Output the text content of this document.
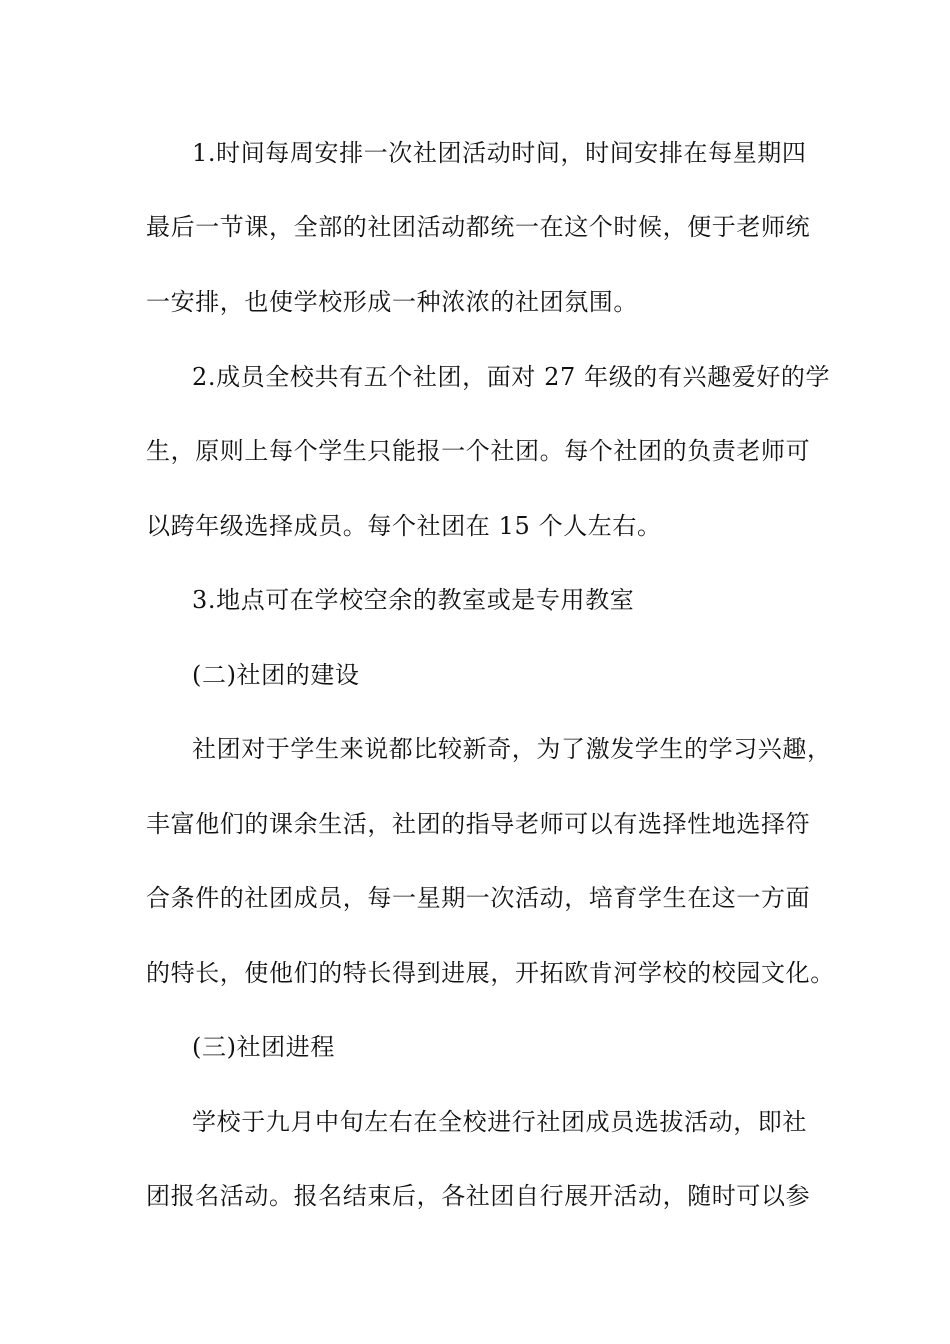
1.时间每周安排一次社团活动时间，时间安排在每星期四
最后一节课，全部的社团活动都统一在这个时候，便于老师统
一安排，也使学校形成一种浓浓的社团氛围。
2.成员全校共有五个社团，面对 27 年级的有兴趣爱好的学
生，原则上每个学生只能报一个社团。每个社团的负责老师可
以跨年级选择成员。每个社团在 15 个人左右。
3.地点可在学校空余的教室或是专用教室
(二)社团的建设
社团对于学生来说都比较新奇，为了激发学生的学习兴趣，
丰富他们的课余生活，社团的指导老师可以有选择性地选择符
合条件的社团成员，每一星期一次活动，培育学生在这一方面
的特长，使他们的特长得到进展，开拓欧肯河学校的校园文化。
(三)社团进程
学校于九月中旬左右在全校进行社团成员选拔活动，即社
团报名活动。报名结束后，各社团自行展开活动，随时可以参
